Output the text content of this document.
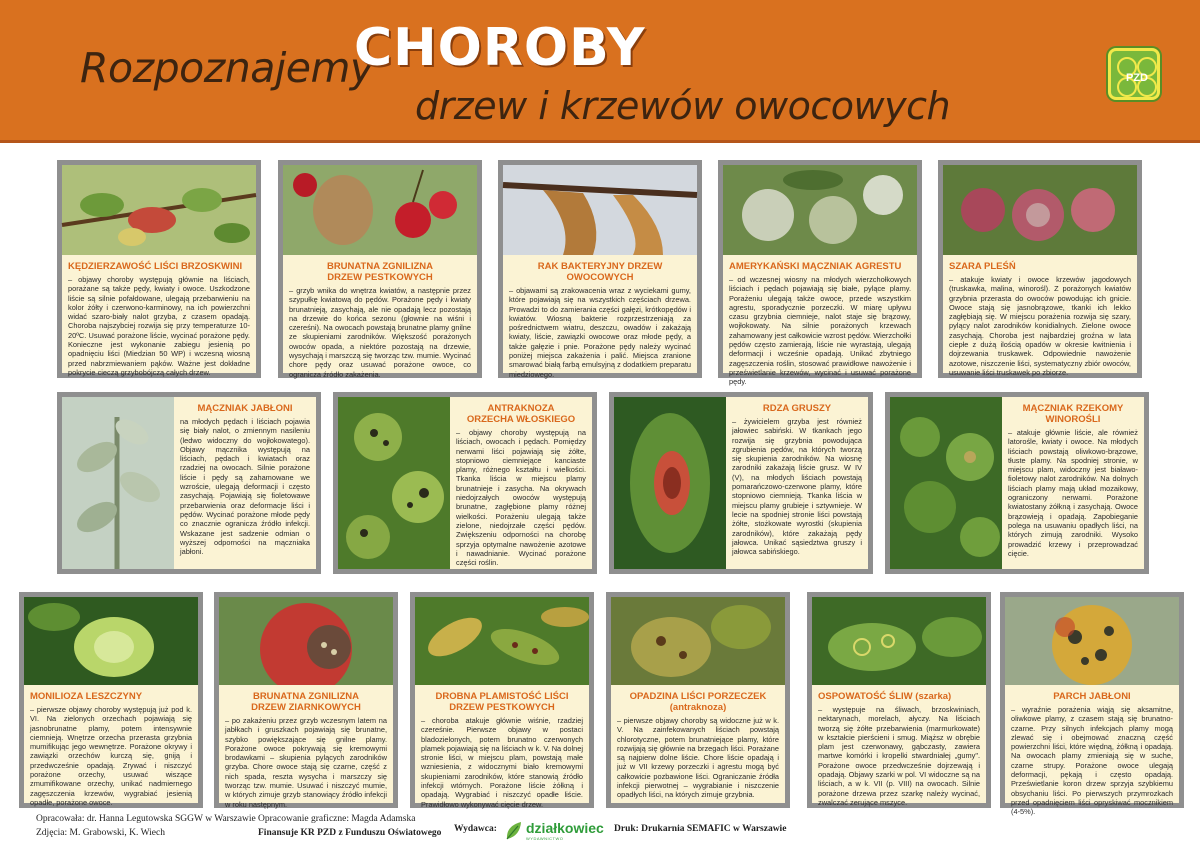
Rozpoznajemy
CHOROBY
drzew i krzewów owocowych
PZD
KĘDZIERZAWOŚĆ LIŚCI BRZOSKWINI
– objawy choroby występują głównie na liściach, porażane są także pędy, kwiaty i owoce. Uszkodzone liście są silnie pofałdowane, ulegają przebarwieniu na kolor żółty i czerwono-karminowy, na ich powierzchni widać szaro-biały nalot grzyba, z czasem opadają. Choroba najszybciej rozwija się przy temperaturze 10-20ºC. Usuwać porażone liście, wycinać porażone pędy. Konieczne jest wykonanie zabiegu jesienią po opadnięciu liści (Miedzian 50 WP) i wczesną wiosną przed nabrzmiewaniem pąków. Ważne jest dokładne pokrycie cieczą grzybobójczą całych drzew.
BRUNATNA ZGNILIZNA
DRZEW PESTKOWYCH
– grzyb wnika do wnętrza kwiatów, a następnie przez szypułkę kwiatową do pędów. Porażone pędy i kwiaty brunatnieją, zasychają, ale nie opadają lecz pozostają na drzewie do końca sezonu (głownie na wiśni i czereśni). Na owocach powstają brunatne plamy gnilne ze skupieniami zarodników. Większość porażonych owoców opada, a niektóre pozostają na drzewie, wysychają i marszczą się tworząc tzw. mumie. Wycinać chore pędy oraz usuwać porażone owoce, co ogranicza źródło zakażenia.
RAK BAKTERYJNY DRZEW
OWOCOWYCH
– objawami są zrakowacenia wraz z wyciekami gumy, które pojawiają się na wszystkich częściach drzewa. Prowadzi to do zamierania części gałęzi, krótkopędów i kwiatów. Wiosną bakterie rozprzestrzeniają za pośrednictwem wiatru, deszczu, owadów i zakażają kwiaty, liście, zawiązki owocowe oraz młode pędy, a także gałęzie i pnie. Porażone pędy należy wycinać poniżej miejsca zakażenia i palić. Miejsca zranione smarować białą farbą emulsyjną z dodatkiem preparatu miedziowego.
AMERYKAŃSKI MĄCZNIAK AGRESTU
– od wczesnej wiosny na młodych wierzchołkowych liściach i pędach pojawiają się białe, pylące plamy. Porażeniu ulegają także owoce, przede wszystkim agrestu, sporadycznie porzeczki. W miarę upływu czasu grzybnia ciemnieje, nalot staje się brązowy, wojłokowaty. Na silnie porażonych krzewach zahamowany jest całkowicie wzrost pędów. Wierzchołki pędów często zamierają, liście nie wyrastają, ulegają deformacji i wcześnie opadają. Unikać zbytniego zagęszczenia roślin, stosować prawidłowe nawożenie i prześwietlanie krzewów, wycinać i usuwać porażone pędy.
SZARA PLEŚŃ
– atakuje kwiaty i owoce krzewów jagodowych (truskawka, malina, winorośl). Z porażonych kwiatów grzybnia przerasta do owoców powodując ich gnicie. Owoce stają się jasnobrązowe, tkanki ich lekko zagłębiają się. W miejscu porażenia rozwija się szary, pylący nalot zarodników konidialnych. Zielone owoce zasychają. Choroba jest najbardziej groźna w lata ciepłe z dużą ilością opadów w okresie kwitnienia i dojrzewania truskawek. Odpowiednie nawożenie azotowe, niszczenie liści, systematyczny zbiór owoców, usuwanie liści truskawek po zbiorze.
MĄCZNIAK JABŁONI
na młodych pędach i liściach pojawia się biały nalot, o zmiennym nasileniu (ledwo widoczny do wojłokowatego). Objawy mącznika występują na liściach, pędach i kwiatach oraz rzadziej na owocach. Silnie porażone liście i pędy są zahamowane we wzroście, ulegają deformacji i często zasychają. Pojawiają się fioletowawe przebarwienia oraz deformacje liści i pędów. Wycinać porażone młode pędy co znacznie ogranicza źródło infekcji. Wskazane jest sadzenie odmian o wyższej odporności na mączniaka jabłoni.
ANTRAKNOZA
ORZECHA WŁOSKIEGO
– objawy choroby występują na liściach, owocach i pędach. Pomiędzy nerwami liści pojawiają się żółte, stopniowo ciemniejące kanciaste plamy, różnego kształtu i wielkości. Tkanka liścia w miejscu plamy brunatnieje i zasycha. Na okrywach niedojrzałych owoców występują brunatne, zagłębione plamy różnej wielkości. Porażeniu ulegają także zielone, niedojrzałe części pędów. Zwiększeniu odporności na chorobę sprzyja optymalne nawożenie azotowe i nawadnianie. Wycinać porażone części roślin.
RDZA GRUSZY
– żywicielem grzyba jest również jałowiec sabiński. W tkankach jego rozwija się grzybnia powodująca zgrubienia pędów, na których tworzą się skupienia zarodników. Na wiosnę zarodniki zakażają liście grusz. W IV (V), na młodych liściach powstają pomarańczowo-czerwone plamy, które stopniowo ciemnieją. Tkanka liścia w miejscu plamy grubieje i sztywnieje. W lecie na spodniej stronie liści powstają żółte, stożkowate wyrostki (skupienia zarodników), które zakażają pędy jałowca. Unikać sąsiedztwa gruszy i jałowca sabińskiego.
MĄCZNIAK RZEKOMY
WINOROŚLI
– atakuje głównie liście, ale również latorośle, kwiaty i owoce. Na młodych liściach powstają oliwkowo-brązowe, tłuste plamy. Na spodniej stronie, w miejscu plam, widoczny jest białawo-fioletowy nalot zarodników. Na dolnych liściach plamy mają układ mozaikowy, ograniczony nerwami. Porażone kwiatostany żółkną i zasychają. Owoce brązowieją i opadają. Zapobieganie polega na usuwaniu opadłych liści, na których zimują zarodniki. Wysoko prowadzić krzewy i przeprowadzać cięcie.
MONILIOZA LESZCZYNY
– pierwsze objawy choroby występują już pod k. VI. Na zielonych orzechach pojawiają się jasnobrunatne plamy, potem intensywnie ciemnieją. Wnętrze orzecha przerasta grzybnia mumifikując jego wewnętrze. Porażone okrywy i zawiązki orzechów kurczą się, gniją i przedwcześnie opadają. Zrywać i niszczyć porażone orzechy, usuwać wiszące zmumifikowane orzechy, unikać nadmiernego zagęszczenia krzewów, wygrabiać jesienią opadłe, porażone owoce.
BRUNATNA ZGNILIZNA
DRZEW ZIARNKOWYCH
– po zakażeniu przez grzyb wczesnym latem na jabłkach i gruszkach pojawiają się brunatne, szybko powiększające się gnilne plamy. Porażone owoce pokrywają się kremowymi brodawkami – skupienia pylących zarodników grzyba. Chore owoce stają się czarne, część z nich spada, reszta wysycha i marszczy się tworząc tzw. mumie. Usuwać i niszczyć mumie, w których zimuje grzyb stanowiący źródło infekcji w roku następnym.
DROBNA PLAMISTOŚĆ LIŚCI
DRZEW PESTKOWYCH
– choroba atakuje głównie wiśnie, rzadziej czereśnie. Pierwsze objawy w postaci bladozielonych, potem brunatno czerwonych plamek pojawiają się na liściach w k. V. Na dolnej stronie liści, w miejscu plam, powstają małe wzniesienia, z widocznymi biało kremowymi skupieniami zarodników, które stanowią źródło infekcji wtórnych. Porażone liście żółkną i opadają. Wygrabiać i niszczyć opadłe liście. Prawidłowo wykonywać cięcie drzew.
OPADZINA LIŚCI PORZECZEK
(antraknoza)
– pierwsze objawy choroby są widoczne już w k. V. Na zainfekowanych liściach powstają chlorotyczne, potem brunatniejące plamy, które rozwijają się głównie na brzegach liści. Porażane są najpierw dolne liście. Chore liście opadają i już w VII krzewy porzeczki i agrestu mogą być całkowicie pozbawione liści. Ograniczanie źródła infekcji pierwotnej – wygrabianie i niszczenie opadłych liści, na których zimuje grzybnia.
OSPOWATOŚĆ ŚLIW (szarka)
– występuje na śliwach, brzoskwiniach, nektarynach, morelach, ałyczy. Na liściach tworzą się żółte przebarwienia (marmurkowate) w kształcie pierścieni i smug. Miąższ w obrębie plam jest czerwonawy, gąbczasty, zawiera martwe komórki i kropelki stwardniałej „gumy". Porażone owoce przedwcześnie dojrzewają i opadają. Objawy szarki w pol. VI widoczne są na liściach, a w k. VII (p. VIII) na owocach. Silnie porażone drzewa przez szarkę należy wycinać, zwalczać zerujące mszyce.
PARCH JABŁONI
– wyraźnie porażenia wiąją się aksamitne, oliwkowe plamy, z czasem stają się brunatno-czarne. Przy silnych infekcjach plamy mogą zlewać się i obejmować znaczną część powierzchni liści, które więdną, żółkną i opadają. Na owocach plamy zmieniają się w suche, czarne strupy. Porażone owoce ulegają deformacji, pękają i często opadają. Prześwietlanie koron drzew sprzyja szybkiemu obsychaniu liści. Po pierwszych przymrozkach przed opadnięciem liści opryskiwać mocznikiem (4-5%).
Opracowała: dr. Hanna Legutowska SGGW w Warszawie
Zdjęcia: M. Grabowski, K. Wiech
Opracowanie graficzne: Magda Adamska
Finansuje KR PZD z Funduszu Oświatowego Wydawca: działkowiec
WYDAWNICTWO
Druk: Drukarnia SEMAFIC w Warszawie
